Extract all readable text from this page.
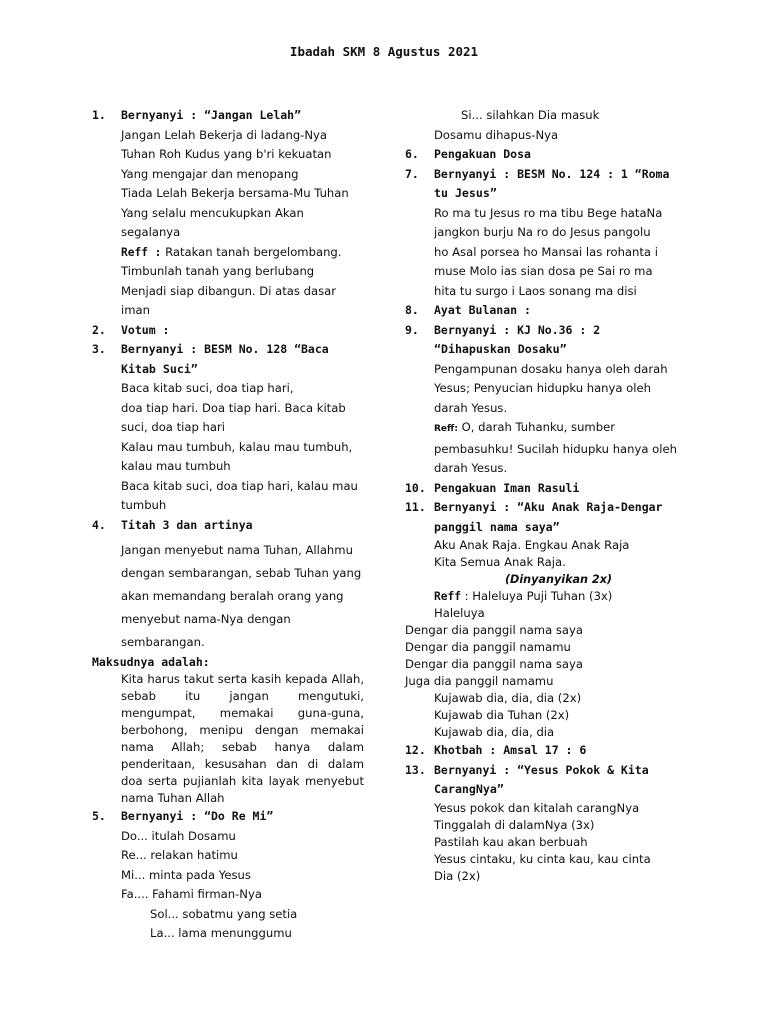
Ibadah SKM 8 Agustus 2021
1.	Bernyanyi : “Jangan Lelah”
Jangan Lelah Bekerja di ladang-Nya
Tuhan Roh Kudus yang b'ri kekuatan
Yang mengajar dan menopang
Tiada Lelah Bekerja bersama-Mu Tuhan
Yang selalu mencukupkan Akan
segalanya
Reff : Ratakan tanah bergelombang.
Timbunlah tanah yang berlubang
Menjadi siap dibangun. Di atas dasar
iman
2.	Votum :
3.	Bernyanyi : BESM No. 128 “Baca
Kitab Suci”
Baca kitab suci, doa tiap hari,
doa tiap hari. Doa tiap hari. Baca kitab
suci, doa tiap hari
Kalau mau tumbuh, kalau mau tumbuh,
kalau mau tumbuh
Baca kitab suci, doa tiap hari, kalau mau
tumbuh
4.	Titah 3 dan artinya
Jangan menyebut nama Tuhan, Allahmu
dengan sembarangan, sebab Tuhan yang
akan memandang beralah orang yang
menyebut nama-Nya dengan
sembarangan.
Maksudnya adalah:
Kita harus takut serta kasih kepada Allah, sebab itu jangan mengutuki, mengumpat, memakai guna-guna, berbohong, menipu dengan memakai nama Allah; sebab hanya dalam penderitaan, kesusahan dan di dalam doa serta pujianlah kita layak menyebut nama Tuhan Allah
5.	Bernyanyi : “Do Re Mi”
Do... itulah Dosamu
Re... relakan hatimu
Mi... minta pada Yesus
Fa.... Fahami firman-Nya
Sol... sobatmu yang setia
La... lama menunggumu
Si... silahkan Dia masuk
Dosamu dihapus-Nya
6.	Pengakuan Dosa
7.	Bernyanyi : BESM No. 124 : 1 “Roma
tu Jesus”
Ro ma tu Jesus ro ma tibu Bege hataNa
jangkon burju Na ro do Jesus pangolu
ho Asal porsea ho Mansai las rohanta i
muse Molo ias sian dosa pe Sai ro ma
hita tu surgo i Laos sonang ma disi
8.	Ayat Bulanan :
9.	Bernyanyi : KJ No.36 : 2
“Dihapuskan Dosaku”
Pengampunan dosaku hanya oleh darah
Yesus; Penyucian hidupku hanya oleh
darah Yesus.
Reff: O, darah Tuhanku, sumber
pembasuhku! Sucilah hidupku hanya oleh
darah Yesus.
10. Pengakuan Iman Rasuli
11. Bernyanyi : “Aku Anak Raja-Dengar
panggil nama saya”
Aku Anak Raja. Engkau Anak Raja
Kita Semua Anak Raja.
(Dinyanyikan 2x)
Reff : Haleluya Puji Tuhan (3x)
Haleluya
Dengar dia panggil nama saya
Dengar dia panggil namamu
Dengar dia panggil nama saya
Juga dia panggil namamu
Kujawab dia, dia, dia (2x)
Kujawab dia Tuhan (2x)
Kujawab dia, dia, dia
12. Khotbah : Amsal 17 : 6
13. Bernyanyi : “Yesus Pokok & Kita
CarangNya”
Yesus pokok dan kitalah carangNya
Tinggalah di dalamNya (3x)
Pastilah kau akan berbuah
Yesus cintaku, ku cinta kau, kau cinta
Dia (2x)
